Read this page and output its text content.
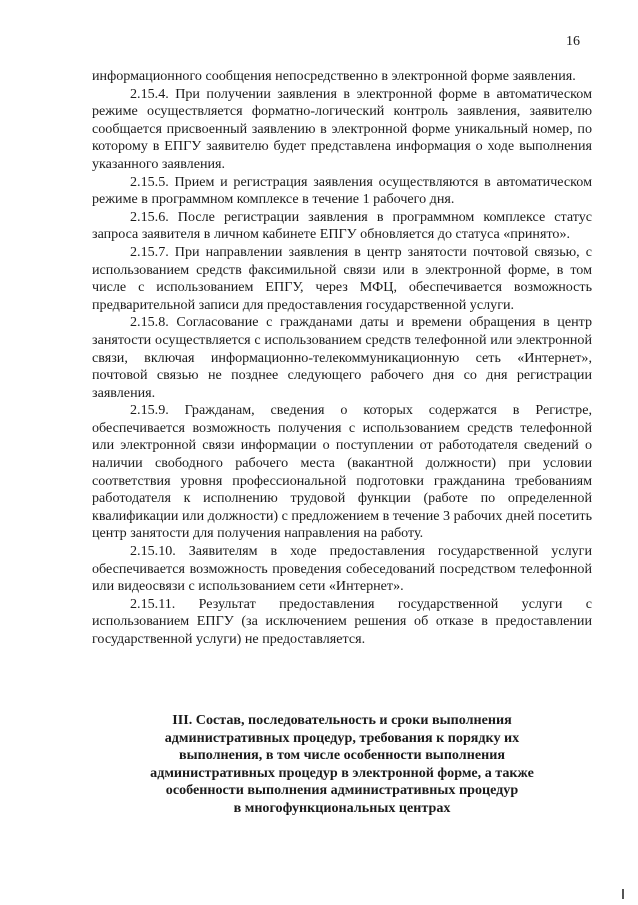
16

информационного сообщения непосредственно в электронной форме заявления.

2.15.4. При получении заявления в электронной форме в автоматическом режиме осуществляется форматно-логический контроль заявления, заявителю сообщается присвоенный заявлению в электронной форме уникальный номер, по которому в ЕПГУ заявителю будет представлена информация о ходе выполнения указанного заявления.

2.15.5. Прием и регистрация заявления осуществляются в автоматическом режиме в программном комплексе в течение 1 рабочего дня.

2.15.6. После регистрации заявления в программном комплексе статус запроса заявителя в личном кабинете ЕПГУ обновляется до статуса «принято».

2.15.7. При направлении заявления в центр занятости почтовой связью, с использованием средств факсимильной связи или в электронной форме, в том числе с использованием ЕПГУ, через МФЦ, обеспечивается возможность предварительной записи для предоставления государственной услуги.

2.15.8. Согласование с гражданами даты и времени обращения в центр занятости осуществляется с использованием средств телефонной или электронной связи, включая информационно-телекоммуникационную сеть «Интернет», почтовой связью не позднее следующего рабочего дня со дня регистрации заявления.

2.15.9. Гражданам, сведения о которых содержатся в Регистре, обеспечивается возможность получения с использованием средств телефонной или электронной связи информации о поступлении от работодателя сведений о наличии свободного рабочего места (вакантной должности) при условии соответствия уровня профессиональной подготовки гражданина требованиям работодателя к исполнению трудовой функции (работе по определенной квалификации или должности) с предложением в течение 3 рабочих дней посетить центр занятости для получения направления на работу.

2.15.10. Заявителям в ходе предоставления государственной услуги обеспечивается возможность проведения собеседований посредством телефонной или видеосвязи с использованием сети «Интернет».

2.15.11. Результат предоставления государственной услуги с использованием ЕПГУ (за исключением решения об отказе в предоставлении государственной услуги) не предоставляется.

III. Состав, последовательность и сроки выполнения
административных процедур, требования к порядку их
выполнения, в том числе особенности выполнения
административных процедур в электронной форме, а также
особенности выполнения административных процедур
в многофункциональных центрах
